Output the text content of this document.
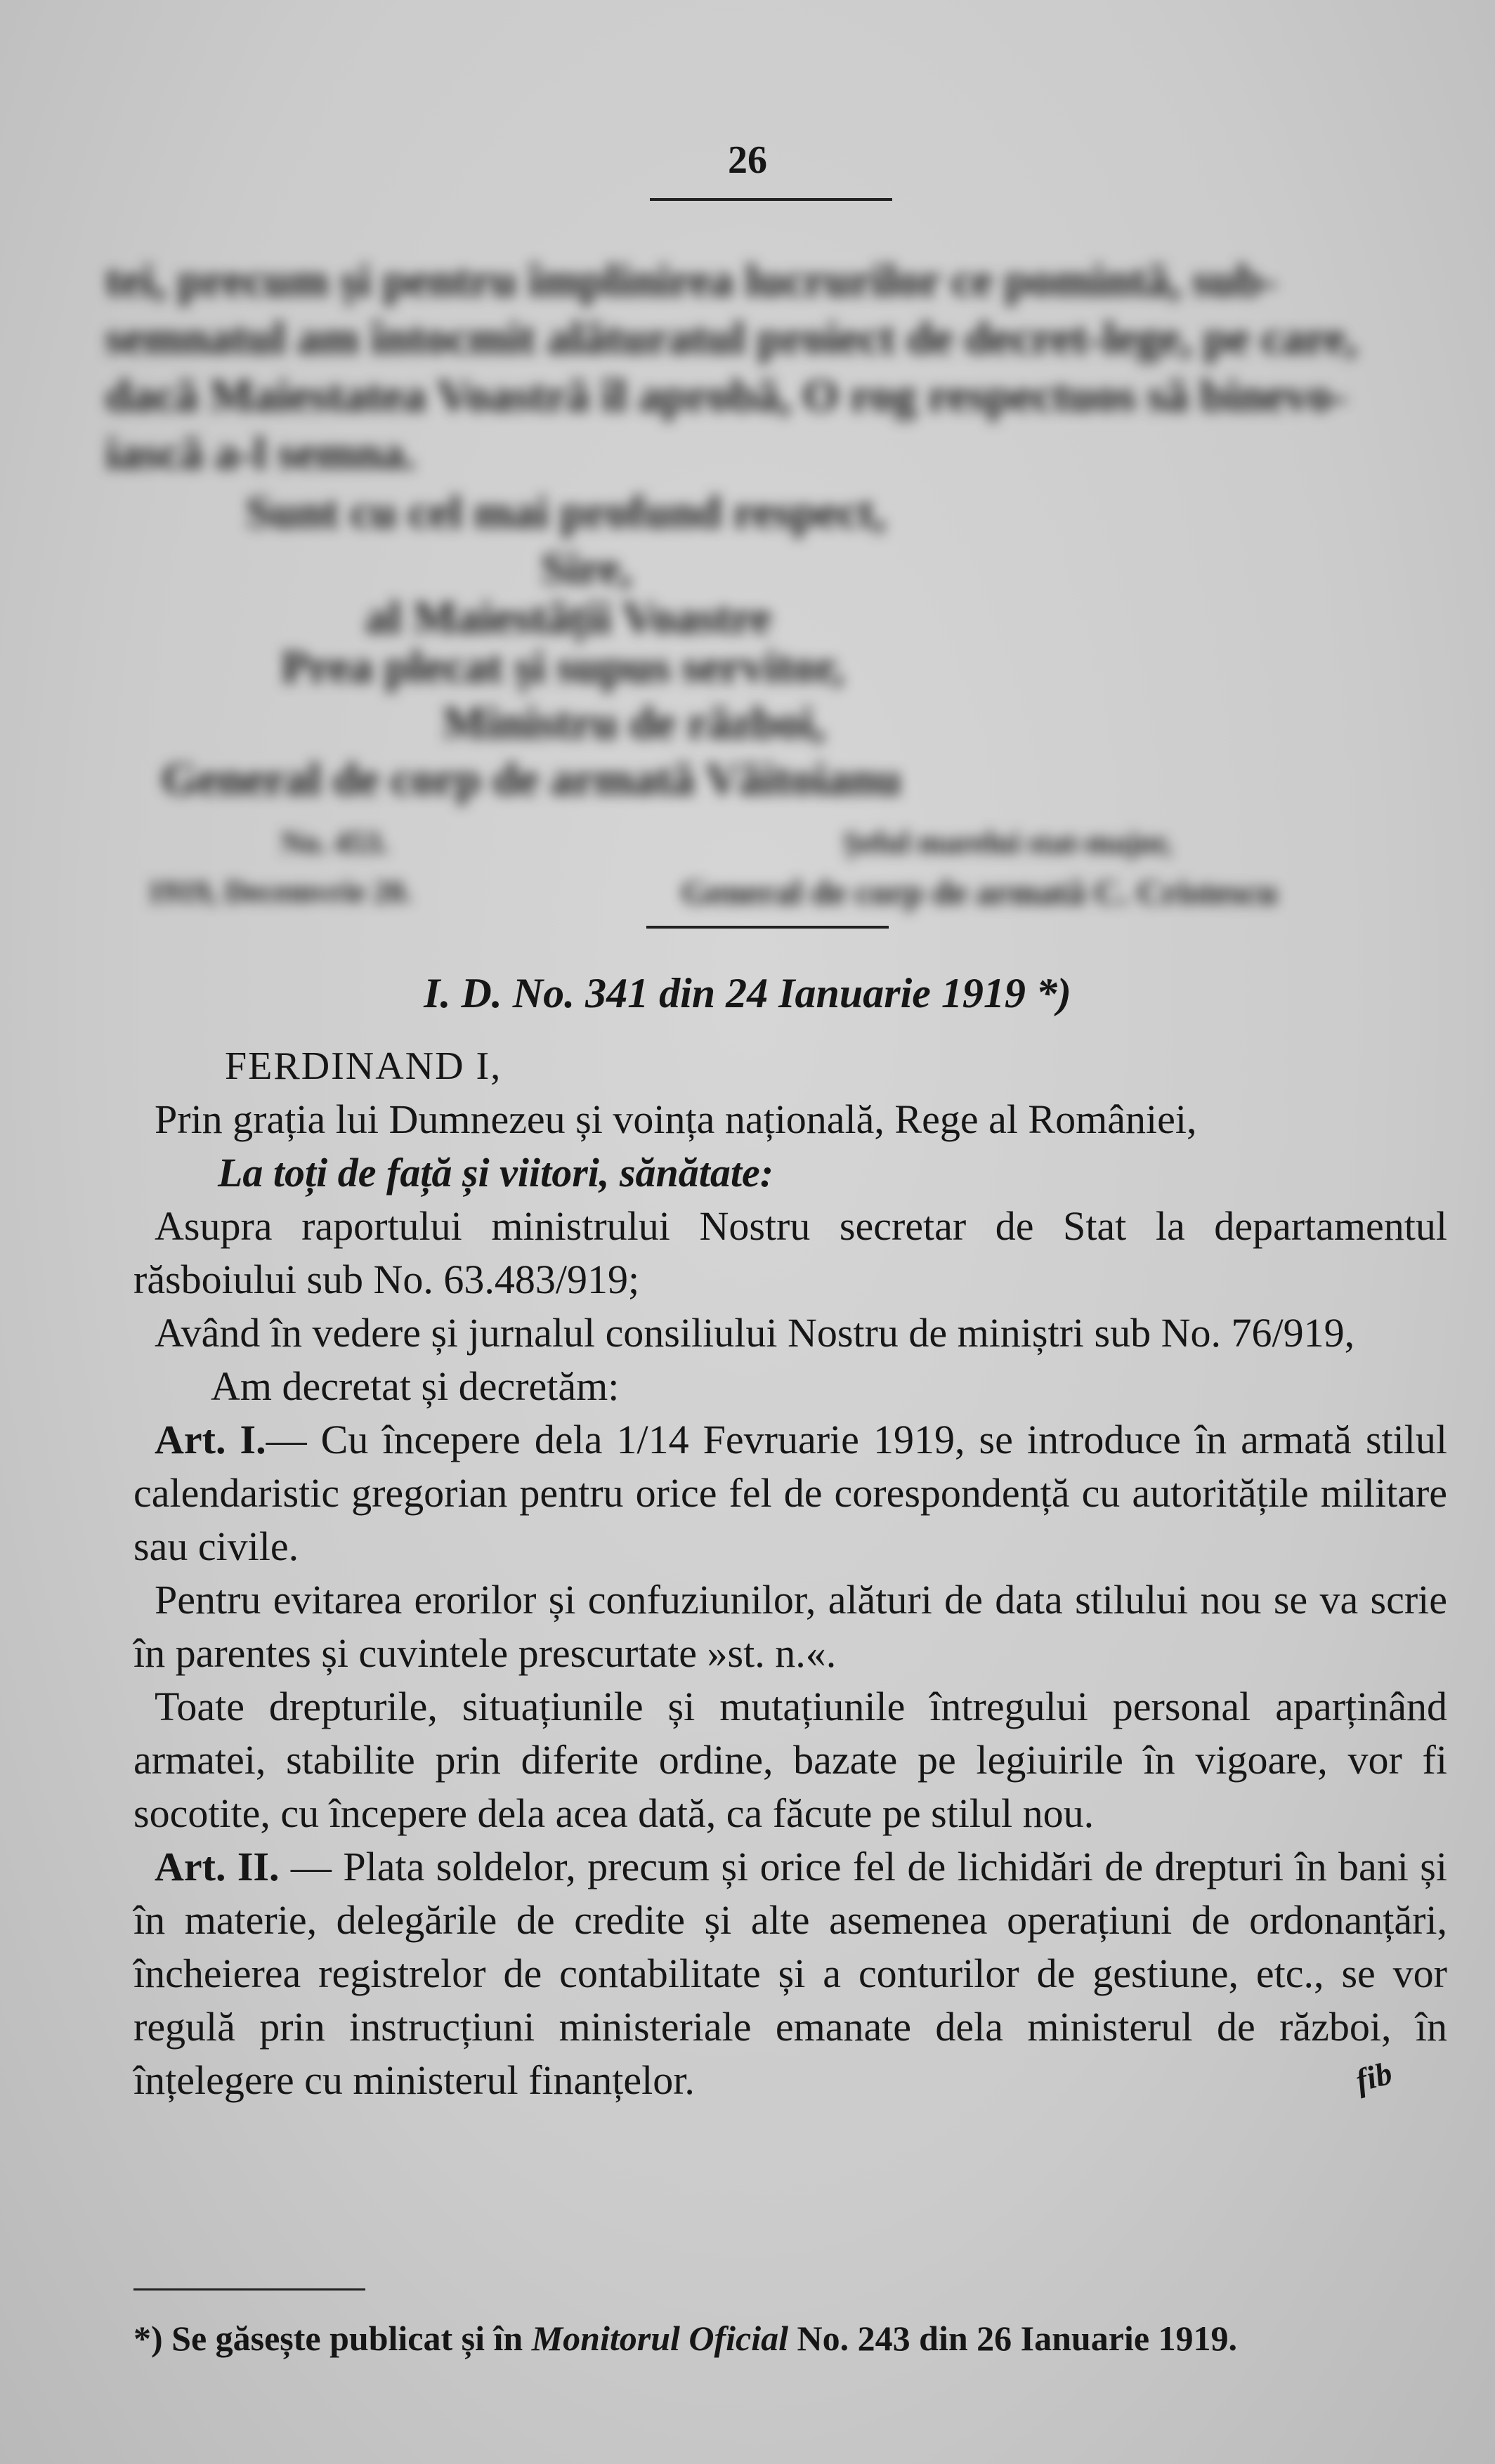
26
tei, precum și pentru împlinirea lucrurilor ce pomintă, sub-
semnatul am întocmit alăturatul proiect de decret-lege, pe care,
dacă Maiestatea Voastră îl aprobă, O rog respectuos să binevo-
iască a-l semna.
Sunt cu cel mai profund respect,
Sire,
al Maiestății Voastre
Prea plecat și supus servitor,
Ministru de război,
General de corp de armată Văitoianu
No. 453.	Șeful marelui stat-major,
1919, Decemvrie 20.	General de corp de armată C. Cristescu
I. D. No. 341 din 24 Ianuarie 1919 *)

FERDINAND I,

Prin grația lui Dumnezeu și voința națională, Rege al României,

La toți de față și viitori, sănătate:

Asupra raportului ministrului Nostru secretar de Stat la departamentul răsboiului sub No. 63.483/919;

Având în vedere și jurnalul consiliului Nostru de miniștri sub No. 76/919,

Am decretat și decretăm:

Art. I.— Cu începere dela 1/14 Fevruarie 1919, se introduce în armată stilul calendaristic gregorian pentru orice fel de corespondență cu autoritățile militare sau civile.

Pentru evitarea erorilor și confuziunilor, alături de data stilului nou se va scrie în parentes și cuvintele prescurtate »st. n.«.

Toate drepturile, situațiunile și mutațiunile întregului personal aparținând armatei, stabilite prin diferite ordine, bazate pe legiuirile în vigoare, vor fi socotite, cu începere dela acea dată, ca făcute pe stilul nou.

Art. II. — Plata soldelor, precum și orice fel de lichidări de drepturi în bani și în materie, delegările de credite și alte asemenea operațiuni de ordonanțări, încheierea registrelor de contabilitate și a conturilor de gestiune, etc., se vor regulă prin instrucțiuni ministeriale emanate dela ministerul de război, în înțelegere cu ministerul finanțelor.	fib
*) Se găsește publicat și în Monitorul Oficial No. 243 din 26 Ianuarie 1919.
